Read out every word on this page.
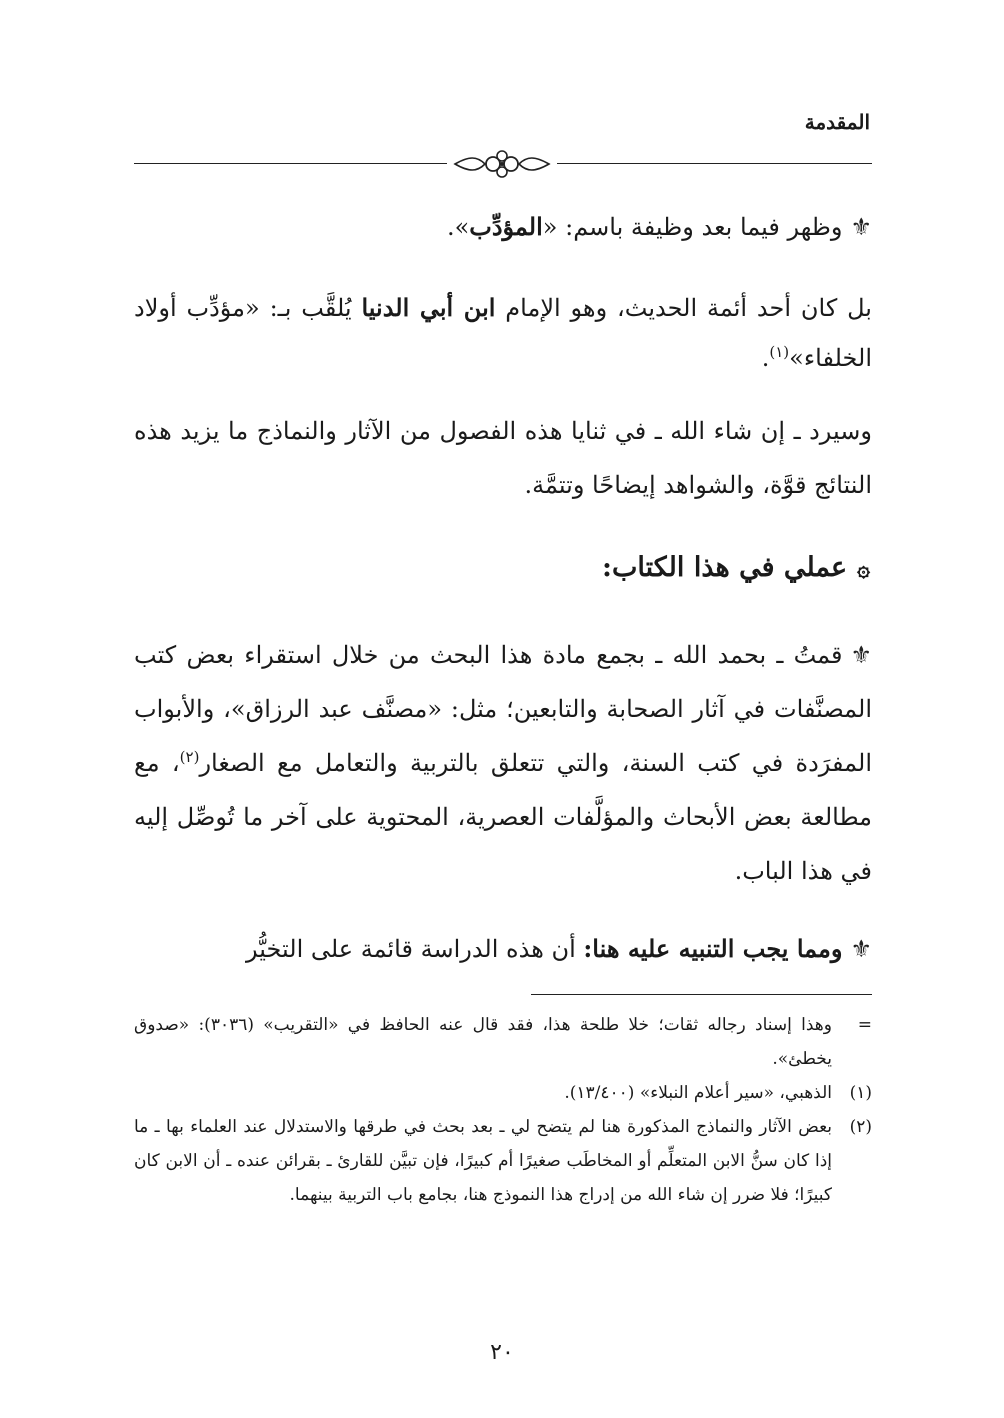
المقدمة
⚜وظهر فيما بعد وظيفة باسم: «المؤدِّب».
بل كان أحد أئمة الحديث، وهو الإمام ابن أبي الدنيا يُلقَّب بـ: «مؤدِّب أولاد الخلفاء»$^{(١)}$.
وسيرد ـ إن شاء الله ـ في ثنايا هذه الفصول من الآثار والنماذج ما يزيد هذه النتائج قوَّة، والشواهد إيضاحًا وتتمَّة.
۞عملي في هذا الكتاب:
⚜قمتُ ـ بحمد الله ـ بجمع مادة هذا البحث من خلال استقراء بعض كتب المصنَّفات في آثار الصحابة والتابعين؛ مثل: «مصنَّف عبد الرزاق»، والأبواب المفرَدة في كتب السنة، والتي تتعلق بالتربية والتعامل مع الصغار$^{(٢)}$، مع مطالعة بعض الأبحاث والمؤلَّفات العصرية، المحتوية على آخر ما تُوصِّل إليه في هذا الباب.
⚜ومما يجب التنبيه عليه هنا: أن هذه الدراسة قائمة على التخيُّر
=
وهذا إسناد رجاله ثقات؛ خلا طلحة هذا، فقد قال عنه الحافظ في «التقريب» (٣٠٣٦): «صدوق يخطئ».
(١)
الذهبي، «سير أعلام النبلاء» (١٣/٤٠٠).
(٢)
بعض الآثار والنماذج المذكورة هنا لم يتضح لي ـ بعد بحث في طرقها والاستدلال عند العلماء بها ـ ما إذا كان سنُّ الابن المتعلِّم أو المخاطَب صغيرًا أم كبيرًا، فإن تبيَّن للقارئ ـ بقرائن عنده ـ أن الابن كان كبيرًا؛ فلا ضرر إن شاء الله من إدراج هذا النموذج هنا، بجامع باب التربية بينهما.
٢٠
